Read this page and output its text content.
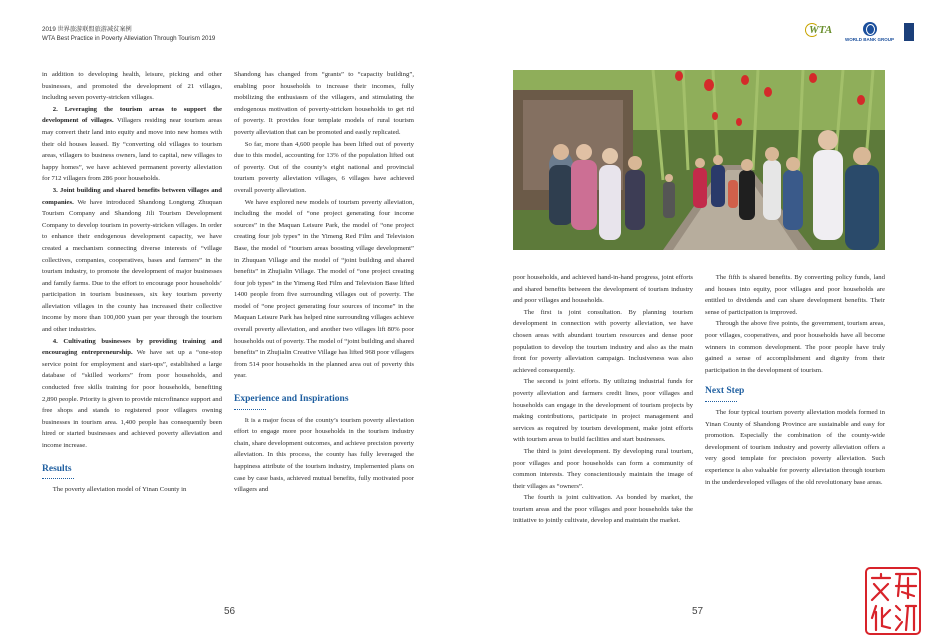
2019 世界旅游联盟旅游减贫案例
WTA Best Practice in Poverty Alleviation Through Tourism 2019

in addition to developing health, leisure, picking and other businesses, and promoted the development of 21 villages, including seven poverty-stricken villages.

2. Leveraging the tourism areas to support the development of villages. Villagers residing near tourism areas may convert their land into equity and move into new homes with their old houses leased. By “converting old villages to tourism areas, villagers to business owners, land to capital, new villages to happy homes”, we have achieved permanent poverty alleviation for 712 villagers from 286 poor households.

3. Joint building and shared benefits between villages and companies. We have introduced Shandong Longteng Zhuquan Tourism Company and Shandong Jili Tourism Development Company to develop tourism in poverty-stricken villages. In order to enhance their endogenous development capacity, we have created a mechanism connecting diverse interests of “village collectives, companies, cooperatives, bases and farmers” in the tourism industry, to promote the development of major businesses and family farms. Due to the effort to encourage poor households’ participation in tourism businesses, six key tourism poverty alleviation villages in the county has increased their collective income by more than 100,000 yuan per year through the tourism and other industries.

4. Cultivating businesses by providing training and encouraging entrepreneurship. We have set up a “one-stop service point for employment and start-ups”, established a large database of “skilled workers” from poor households, and conducted free skills training for poor households, benefiting 2,890 people. Priority is given to provide microfinance support and free shops and stands to registered poor villagers owning businesses in tourism area. 1,400 people has consequently been hired or started businesses and achieved poverty alleviation and income increase.

Results

The poverty alleviation model of Yinan County in

Shandong has changed from “grants” to “capacity building”, enabling poor households to increase their incomes, fully mobilizing the enthusiasm of the villagers, and stimulating the endogenous motivation of poverty-stricken households to get rid of poverty. It provides four template models of rural tourism poverty alleviation that can be promoted and easily replicated.

So far, more than 4,600 people has been lifted out of poverty due to this model, accounting for 13% of the population lifted out of poverty. Out of the county’s eight national and provincial tourism poverty alleviation villages, 6 villages have achieved overall poverty alleviation.

We have explored new models of tourism poverty alleviation, including the model of “one project generating four income sources” in the Maquan Leisure Park, the model of “one project creating four job types” in the Yimeng Red Film and Television Base, the model of “tourism areas boosting village development” in Zhuquan Village and the model of “joint building and shared benefits” in Zhujialin Village. The model of “one project creating four job types” in the Yimeng Red Film and Television Base lifted 1400 people from five surrounding villages out of poverty. The model of “one project generating four sources of income” in the Maquan Leisure Park has helped nine surrounding villages achieve overall poverty alleviation, and another two villages lift 80% poor households out of poverty. The model of “joint building and shared benefits” in Zhujialin Creative Village has lifted 968 poor villagers from 514 poor households in the planned area out of poverty this year.

Experience and Inspirations

It is a major focus of the county’s tourism poverty alleviation effort to engage more poor households in the tourism industry chain, share development outcomes, and achieve precision poverty alleviation. In this process, the county has fully leveraged the happiness attribute of the tourism industry, implemented plans on case by case basis, achieved mutual benefits, fully motivated poor villagers and

56
WTA
WORLD BANK GROUP

poor households, and achieved hand-in-hand progress, joint efforts and shared benefits between the development of tourism industry and poor villages and households.

The first is joint consultation. By planning tourism development in connection with poverty alleviation, we have chosen areas with abundant tourism resources and dense poor population to develop the tourism industry and also as the main front for poverty alleviation campaign. Inclusiveness was also achieved consequently.

The second is joint efforts. By utilizing industrial funds for poverty alleviation and farmers credit lines, poor villages and households can engage in the development of tourism projects by making contributions, participate in project management and services as required by tourism development, make joint efforts with tourism areas to build facilities and start businesses.

The third is joint development. By developing rural tourism, poor villages and poor households can form a community of common interests. They conscientiously maintain the image of their villages as “owners”.

The fourth is joint cultivation. As bonded by market, the tourism areas and the poor villages and poor households take the initiative to jointly cultivate, develop and maintain the market.

The fifth is shared benefits. By converting policy funds, land and houses into equity, poor villages and poor households are entitled to dividends and can share development benefits. Their sense of participation is improved.

Through the above five points, the government, tourism areas, poor villages, cooperatives, and poor households have all become winners in common development. The poor people have truly gained a sense of accomplishment and dignity from their participation in the development of tourism.

Next Step

The four typical tourism poverty alleviation models formed in Yinan County of Shandong Province are sustainable and easy for promotion. Especially the combination of the county-wide development of tourism industry and poverty alleviation offers a very good template for precision poverty alleviation. Such experience is also valuable for poverty alleviation through tourism in the underdeveloped villages of the old revolutionary base areas.

57
